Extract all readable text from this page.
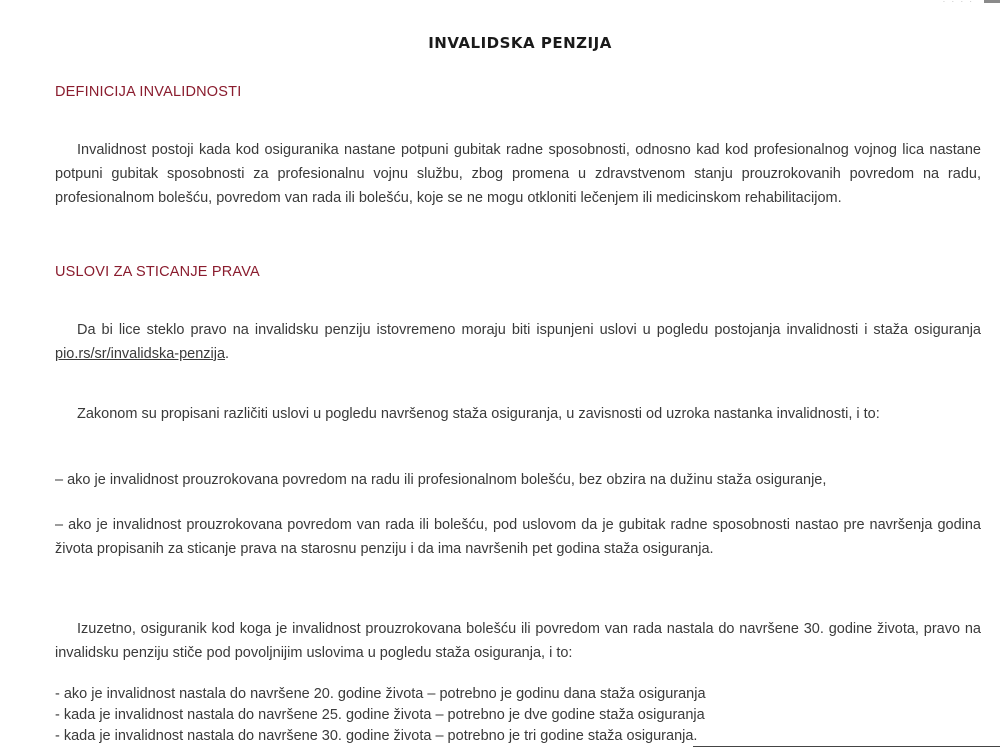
· · · ·
INVALIDSKA PENZIJA
DEFINICIJA INVALIDNOSTI
Invalidnost postoji kada kod osiguranika nastane potpuni gubitak radne sposobnosti, odnosno kad kod profesionalnog vojnog lica nastane potpuni gubitak sposobnosti za profesionalnu vojnu službu, zbog promena u zdravstvenom stanju prouzrokovanih povredom na radu, profesionalnom bolešću, povredom van rada ili bolešću, koje se ne mogu otkloniti lečenjem ili medicinskom rehabilitacijom.
USLOVI ZA STICANJE PRAVA
Da bi lice steklo pravo na invalidsku penziju istovremeno moraju biti ispunjeni uslovi u pogledu postojanja invalidnosti i staža osiguranja pio.rs/sr/invalidska-penzija.
Zakonom su propisani različiti uslovi u pogledu navršenog staža osiguranja, u zavisnosti od uzroka nastanka invalidnosti, i to:
– ako je invalidnost prouzrokovana povredom na radu ili profesionalnom bolešću, bez obzira na dužinu staža osiguranje,
– ako je invalidnost prouzrokovana povredom van rada ili bolešću, pod uslovom da je gubitak radne sposobnosti nastao pre navršenja godina života propisanih za sticanje prava na starosnu penziju i da ima navršenih pet godina staža osiguranja.
Izuzetno, osiguranik kod koga je invalidnost prouzrokovana bolešću ili povredom van rada nastala do navršene 30. godine života, pravo na invalidsku penziju stiče pod povoljnijim uslovima u pogledu staža osiguranja, i to:
- ako je invalidnost nastala do navršene 20. godine života – potrebno je godinu dana staža osiguranja
- kada je invalidnost nastala do navršene 25. godine života – potrebno je dve godine staža osiguranja
- kada je invalidnost nastala do navršene 30. godine života – potrebno je tri godine staža osiguranja.
